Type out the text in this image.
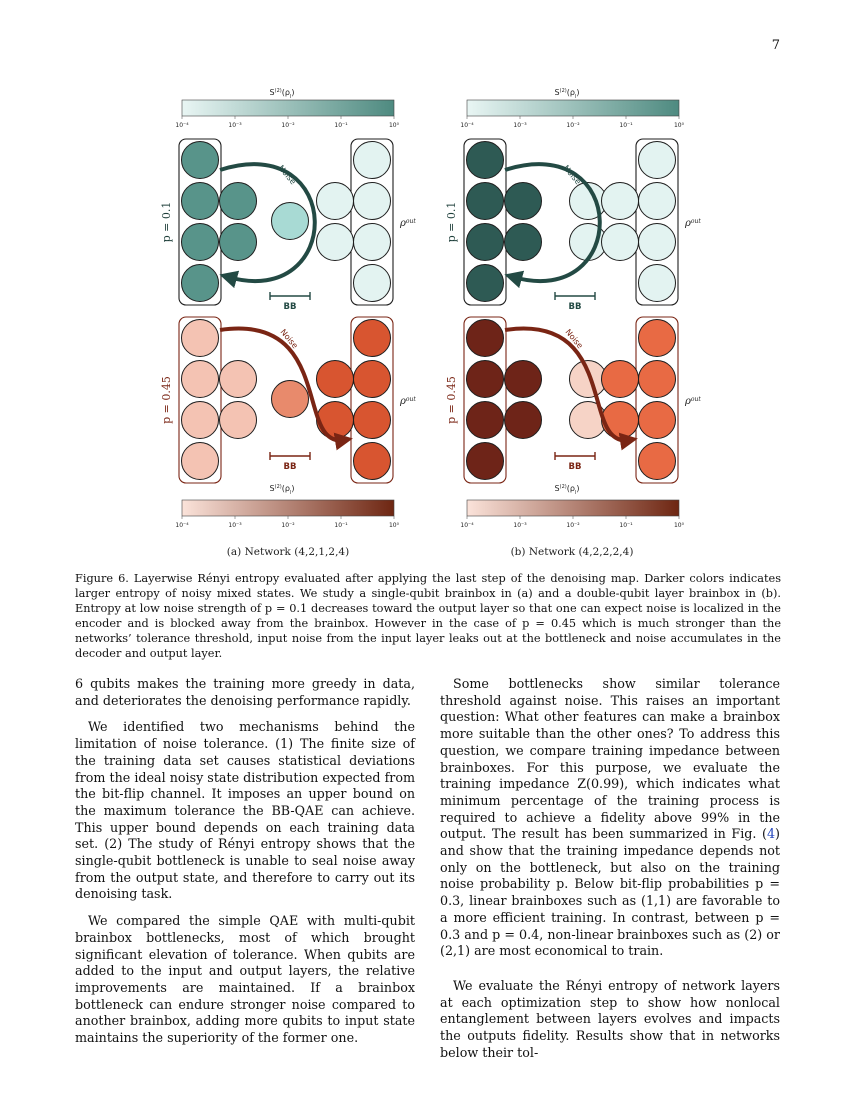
7
$S^{(2)}(\rho_l)$
10⁻⁴	10⁻³	10⁻²	10⁻¹	10⁰
$S^{(2)}(\rho_l)$
10⁻⁴	10⁻³	10⁻²	10⁻¹	10⁰
10⁻⁴	10⁻³	10⁻²	10⁻¹	10⁰
$S^{(2)}(\rho_l)$
10⁻⁴	10⁻³	10⁻²	10⁻¹	10⁰
$S^{(2)}(\rho_l)$
Noise
BB
$\rho^{out}$
p = 0.1
Noise
BB
$\rho^{out}$
p = 0.45
Noise
BB
$\rho^{out}$
p = 0.1
Noise
BB
$\rho^{out}$
p = 0.45
(a) Network (4,2,1,2,4)	(b) Network (4,2,2,2,4)
Figure 6. Layerwise Rényi entropy evaluated after applying the last step of the denoising map. Darker colors indicates larger entropy of noisy mixed states. We study a single-qubit brainbox in (a) and a double-qubit layer brainbox in (b). Entropy at low noise strength of p = 0.1 decreases toward the output layer so that one can expect noise is localized in the encoder and is blocked away from the brainbox. However in the case of p = 0.45 which is much stronger than the networks’ tolerance threshold, input noise from the input layer leaks out at the bottleneck and noise accumulates in the decoder and output layer.

6 qubits makes the training more greedy in data, and deteriorates the denoising performance rapidly.

We identified two mechanisms behind the limitation of noise tolerance. (1) The finite size of the training data set causes statistical deviations from the ideal noisy state distribution expected from the bit-flip channel. It imposes an upper bound on the maximum tolerance the BB-QAE can achieve. This upper bound depends on each training data set. (2) The study of Rényi entropy shows that the single-qubit bottleneck is unable to seal noise away from the output state, and therefore to carry out its denoising task.

We compared the simple QAE with multi-qubit brainbox bottlenecks, most of which brought significant elevation of tolerance. When qubits are added to the input and output layers, the relative improvements are maintained. If a brainbox bottleneck can endure stronger noise compared to another brainbox, adding more qubits to input state maintains the superiority of the former one.

Some bottlenecks show similar tolerance threshold against noise. This raises an important question: What other features can make a brainbox more suitable than the other ones? To address this question, we compare training impedance between brainboxes. For this purpose, we evaluate the training impedance Z(0.99), which indicates what minimum percentage of the training process is required to achieve a fidelity above 99% in the output. The result has been summarized in Fig. (4) and show that the training impedance depends not only on the bottleneck, but also on the training noise probability p. Below bit-flip probabilities p = 0.3, linear brainboxes such as (1,1) are favorable to a more efficient training. In contrast, between p = 0.3 and p = 0.4, non-linear brainboxes such as (2) or (2,1) are most economical to train.

We evaluate the Rényi entropy of network layers at each optimization step to show how nonlocal entanglement between layers evolves and impacts the outputs fidelity. Results show that in networks below their tol-
